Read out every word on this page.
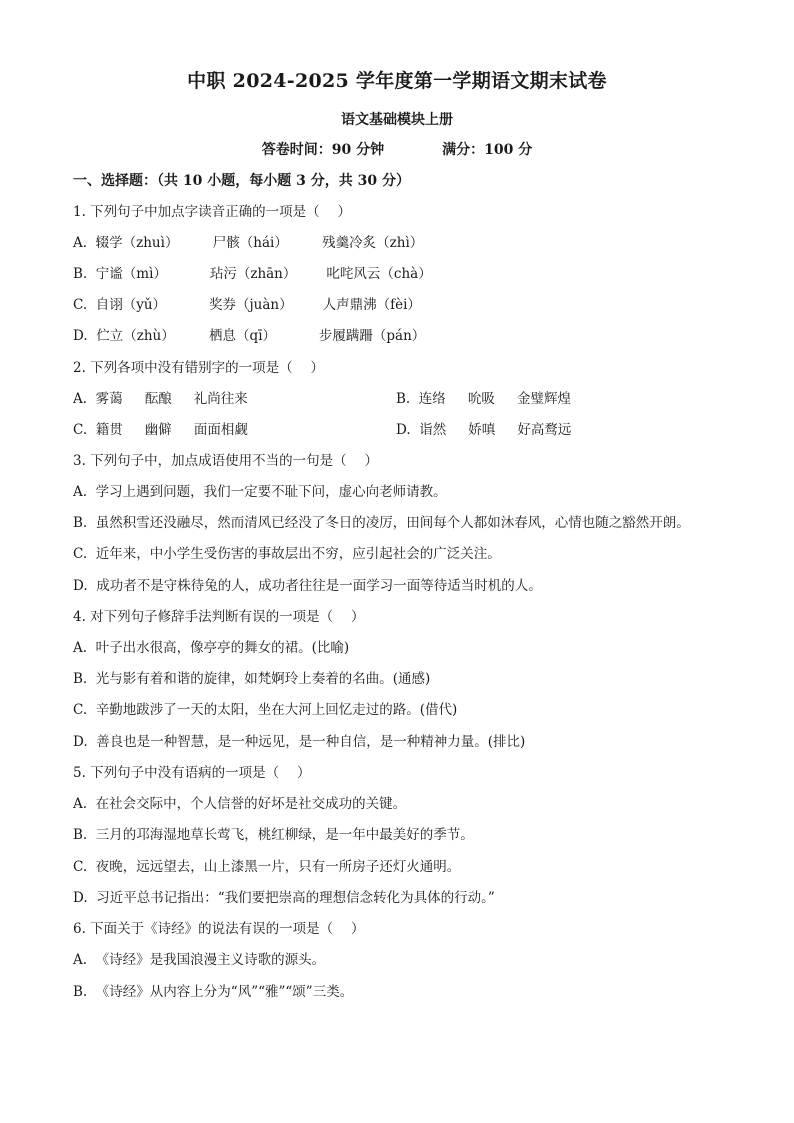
中职 2024-2025 学年度第一学期语文期末试卷
语文基础模块上册
答卷时间：90 分钟	满分：100 分
一、选择题：（共 10 小题，每小题 3 分，共 30 分）
1. 下列句子中加点字读音正确的一项是（　 ）
A.  辍学（zhuì）        尸骸（hái）        残羹冷炙（zhì）
B.  宁谧（mì）          玷污（zhān）       叱咤风云（chà）
C.  自诩（yǔ）          奖券（juàn）       人声鼎沸（fèi）
D.  伫立（zhù）        栖息（qī）          步履蹒跚（pán）
2. 下列各项中没有错别字的一项是（　 ）
A.  雾蔼　  酝酿　  礼尚往来	B.  连络　  吮吸　  金璧辉煌
C.  籍贯　  幽僻　  面面相觑	D.  诣然　  娇嗔　  好高鹜远
3. 下列句子中，加点成语使用不当的一句是（　 ）
A.  学习上遇到问题，我们一定要不耻下问，虚心向老师请教。
B.  虽然积雪还没融尽，然而清风已经没了冬日的凌厉，田间每个人都如沐春风，心情也随之豁然开朗。
C.  近年来，中小学生受伤害的事故层出不穷，应引起社会的广泛关注。
D.  成功者不是守株待兔的人，成功者往往是一面学习一面等待适当时机的人。
4. 对下列句子修辞手法判断有误的一项是（　 ）
A.  叶子出水很高，像亭亭的舞女的裙。(比喻)
B.  光与影有着和谐的旋律，如梵婀玲上奏着的名曲。(通感)
C.  辛勤地跋涉了一天的太阳，坐在大河上回忆走过的路。(借代)
D.  善良也是一种智慧，是一种远见，是一种自信，是一种精神力量。(排比)
5. 下列句子中没有语病的一项是（　 ）
A.  在社会交际中，个人信誉的好坏是社交成功的关键。
B.  三月的邛海湿地草长莺飞，桃红柳绿，是一年中最美好的季节。
C.  夜晚，远远望去，山上漆黑一片，只有一所房子还灯火通明。
D.  习近平总书记指出：“我们要把崇高的理想信念转化为具体的行动。”
6. 下面关于《诗经》的说法有误的一项是（　 ）
A.  《诗经》是我国浪漫主义诗歌的源头。
B.  《诗经》从内容上分为“风”“雅”“颂”三类。
